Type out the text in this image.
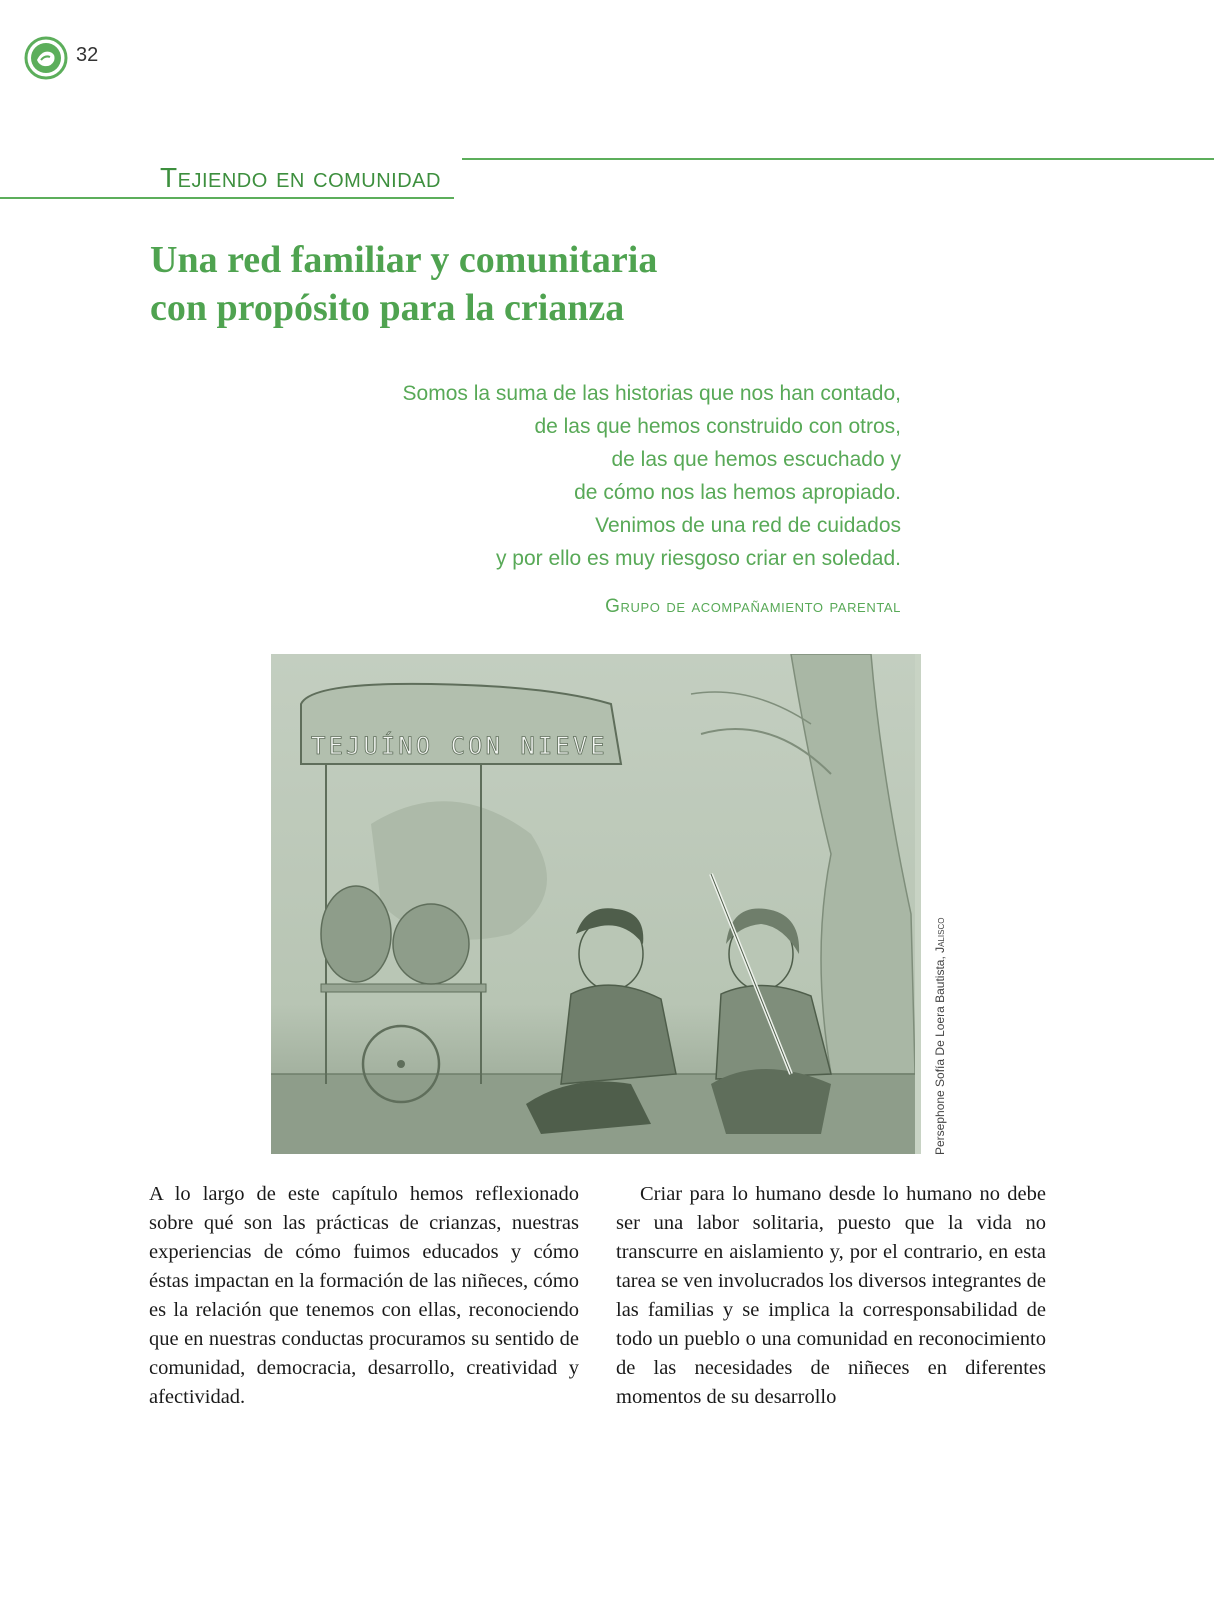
32
Tejiendo en comunidad
Una red familiar y comunitaria
con propósito para la crianza
Somos la suma de las historias que nos han contado,
de las que hemos construido con otros,
de las que hemos escuchado y
de cómo nos las hemos apropiado.
Venimos de una red de cuidados
y por ello es muy riesgoso criar en soledad.
Grupo de acompañamiento parental
TEJUÍNO CON NIEVE
Persephone Sofía De Loera Bautista, Jalisco

A lo largo de este capítulo hemos reflexionado sobre qué son las prácticas de crianzas, nuestras experiencias de cómo fuimos educados y cómo éstas impactan en la formación de las niñeces, cómo es la relación que tenemos con ellas, reconociendo que en nuestras conductas procuramos su sentido de comunidad, democracia, desarrollo, creatividad y afectividad.

Criar para lo humano desde lo humano no debe ser una labor solitaria, puesto que la vida no transcurre en aislamiento y, por el contrario, en esta tarea se ven involucrados los diversos integrantes de las familias y se implica la corresponsabilidad de todo un pueblo o una comunidad en reconocimiento de las necesidades de niñeces en diferentes momentos de su desarrollo
